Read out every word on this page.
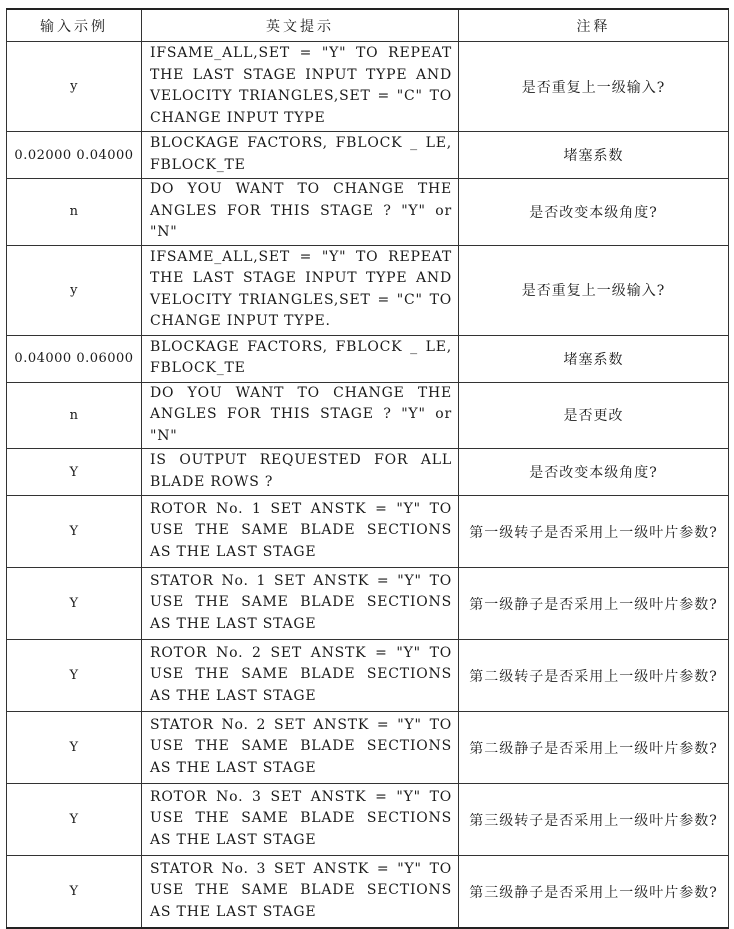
输入示例	英文提示	注释
y	IFSAME_ALL,SET = "Y" TO REPEAT THE LAST STAGE INPUT TYPE AND VELOCITY TRIANGLES,SET = "C" TO CHANGE INPUT TYPE	是否重复上一级输入?
0.02000 0.04000	BLOCKAGE FACTORS, FBLOCK _ LE, FBLOCK_TE	堵塞系数
n	DO YOU WANT TO CHANGE THE ANGLES FOR THIS STAGE ? "Y" or "N"	是否改变本级角度?
y	IFSAME_ALL,SET = "Y" TO REPEAT THE LAST STAGE INPUT TYPE AND VELOCITY TRIANGLES,SET = "C" TO CHANGE INPUT TYPE.	是否重复上一级输入?
0.04000 0.06000	BLOCKAGE FACTORS, FBLOCK _ LE, FBLOCK_TE	堵塞系数
n	DO YOU WANT TO CHANGE THE ANGLES FOR THIS STAGE ? "Y" or "N"	是否更改
Y	IS OUTPUT REQUESTED FOR ALL BLADE ROWS ?	是否改变本级角度?
Y	ROTOR No. 1 SET ANSTK = "Y" TO USE THE SAME BLADE SECTIONS AS THE LAST STAGE	第一级转子是否采用上一级叶片参数?
Y	STATOR No. 1 SET ANSTK = "Y" TO USE THE SAME BLADE SECTIONS AS THE LAST STAGE	第一级静子是否采用上一级叶片参数?
Y	ROTOR No. 2 SET ANSTK = "Y" TO USE THE SAME BLADE SECTIONS AS THE LAST STAGE	第二级转子是否采用上一级叶片参数?
Y	STATOR No. 2 SET ANSTK = "Y" TO USE THE SAME BLADE SECTIONS AS THE LAST STAGE	第二级静子是否采用上一级叶片参数?
Y	ROTOR No. 3 SET ANSTK = "Y" TO USE THE SAME BLADE SECTIONS AS THE LAST STAGE	第三级转子是否采用上一级叶片参数?
Y	STATOR No. 3 SET ANSTK = "Y" TO USE THE SAME BLADE SECTIONS AS THE LAST STAGE	第三级静子是否采用上一级叶片参数?
